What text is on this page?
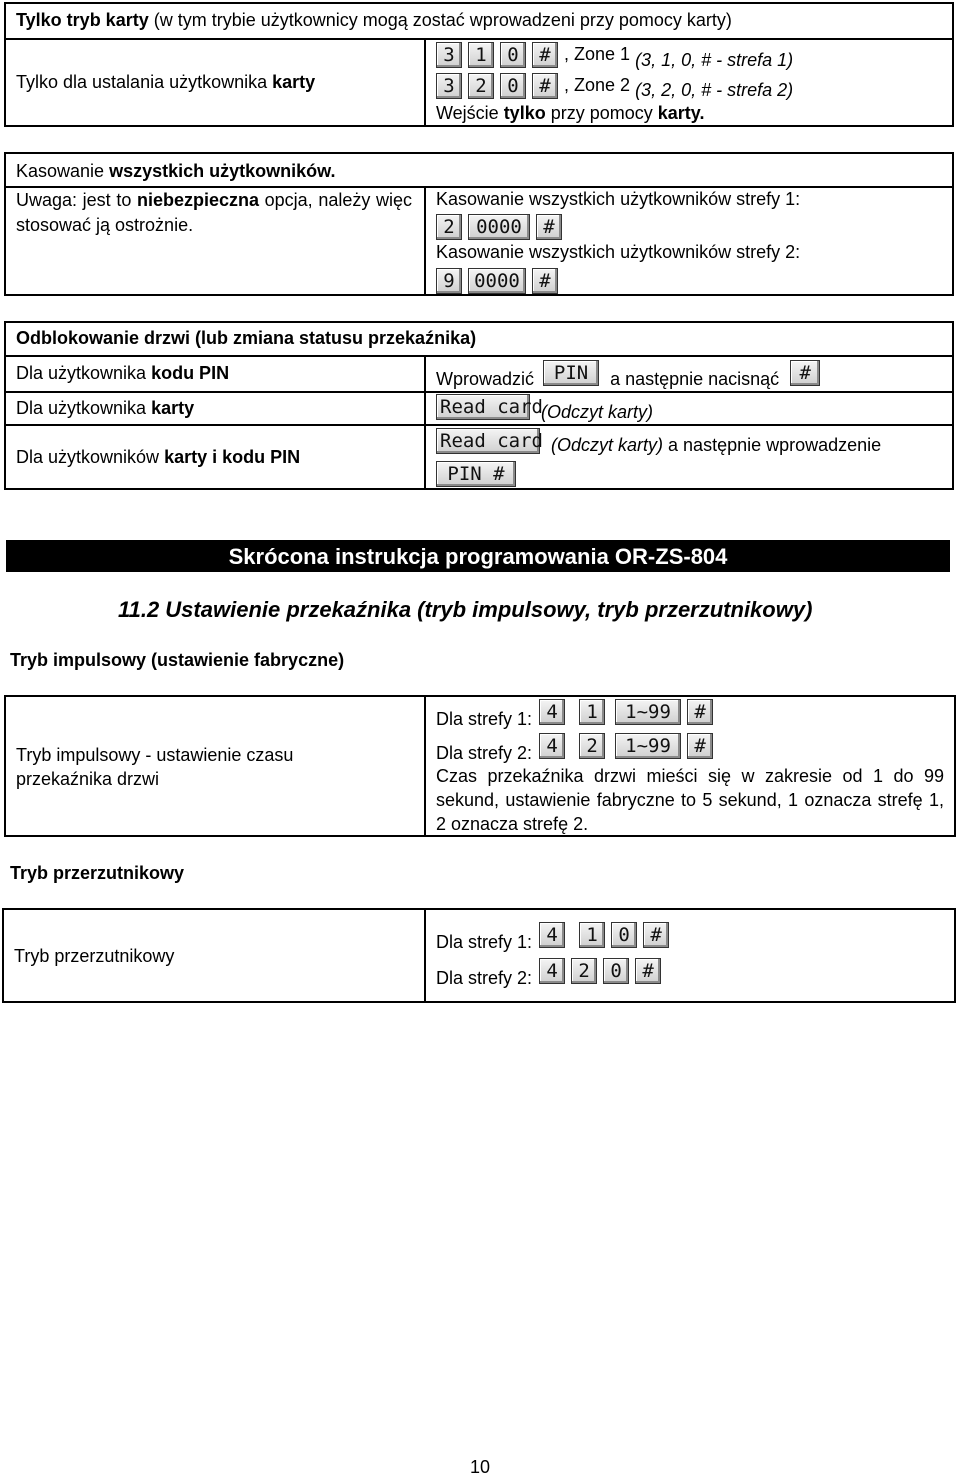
Tylko tryb karty (w tym trybie użytkownicy mogą zostać wprowadzeni przy pomocy karty)
Tylko dla ustalania użytkownika karty
3 1 0 # , Zone 1 (3, 1, 0, # - strefa 1)
3 2 0 # , Zone 2 (3, 2, 0, # - strefa 2)
Wejście tylko przy pomocy karty.
Kasowanie wszystkich użytkowników.
Uwaga: jest to niebezpieczna opcja, należy więc stosować ją ostrożnie.
Kasowanie wszystkich użytkowników strefy 1:
2 0000 #
Kasowanie wszystkich użytkowników strefy 2:
9 0000 #
Odblokowanie drzwi (lub zmiana statusu przekaźnika)
Dla użytkownika kodu PIN	Wprowadzić PIN a następnie nacisnąć #
Dla użytkownika karty	Read card (Odczyt karty)
Dla użytkowników karty i kodu PIN
Read card (Odczyt karty) a następnie wprowadzenie
PIN #
Skrócona instrukcja programowania OR-ZS-804
11.2 Ustawienie przekaźnika (tryb impulsowy, tryb przerzutnikowy)
Tryb impulsowy (ustawienie fabryczne)
Tryb impulsowy - ustawienie czasu przekaźnika drzwi
Dla strefy 1: 4 1 1~99 #
Dla strefy 2: 4 2 1~99 #
Czas przekaźnika drzwi mieści się w zakresie od 1 do 99 sekund, ustawienie fabryczne to 5 sekund, 1 oznacza strefę 1, 2 oznacza strefę 2.
Tryb przerzutnikowy
Tryb przerzutnikowy
Dla strefy 1: 4 1 0 #
Dla strefy 2: 4 2 0 #
10
